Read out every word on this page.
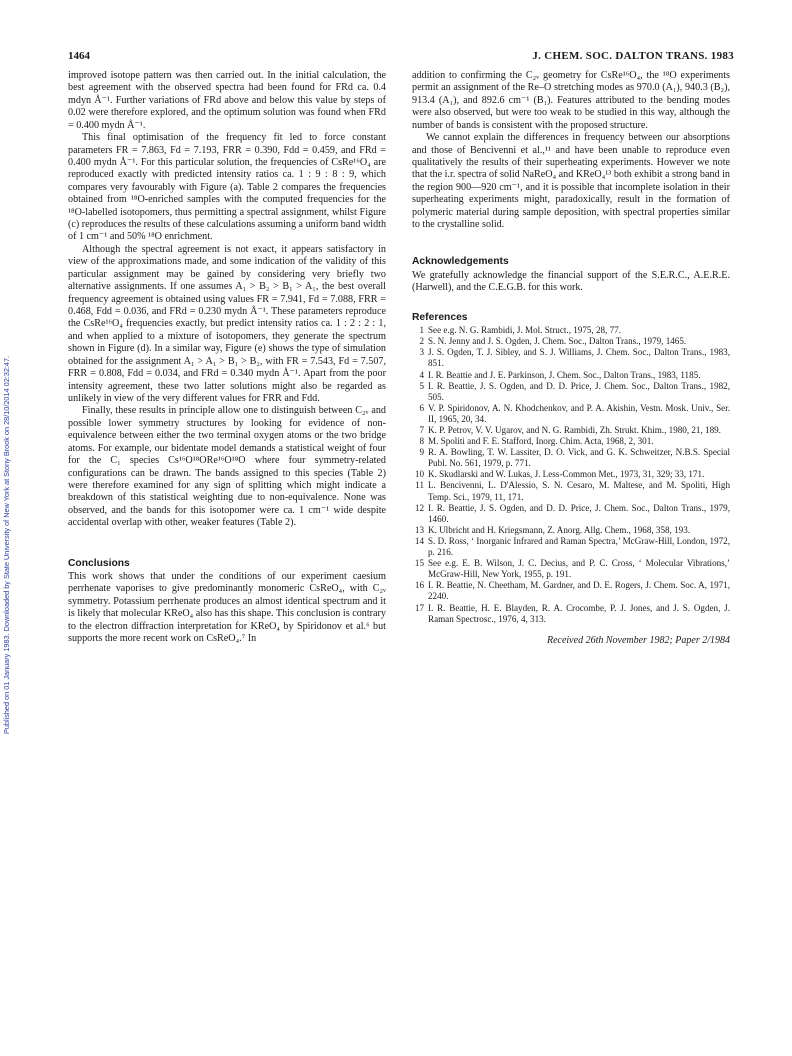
1464	J. CHEM. SOC. DALTON TRANS. 1983
Published on 01 January 1983. Downloaded by State University of New York at Stony Brook on 28/10/2014 02:32:47.

improved isotope pattern was then carried out. In the initial calculation, the best agreement with the observed spectra had been found for FRd ca. 0.4 mdyn Å⁻¹. Further variations of FRd above and below this value by steps of 0.02 were therefore explored, and the optimum solution was found when FRd = 0.400 mydn Å⁻¹.

This final optimisation of the frequency fit led to force constant parameters FR = 7.863, Fd = 7.193, FRR = 0.390, Fdd = 0.459, and FRd = 0.400 mydn Å⁻¹. For this particular solution, the frequencies of CsRe¹⁶O₄ are reproduced exactly with predicted intensity ratios ca. 1 : 9 : 8 : 9, which compares very favourably with Figure (a). Table 2 compares the frequencies obtained from ¹⁸O-enriched samples with the computed frequencies for the ¹⁸O-labelled isotopomers, thus permitting a spectral assignment, whilst Figure (c) reproduces the results of these calculations assuming a uniform band width of 1 cm⁻¹ and 50% ¹⁸O enrichment.

Although the spectral agreement is not exact, it appears satisfactory in view of the approximations made, and some indication of the validity of this particular assignment may be gained by considering very briefly two alternative assignments. If one assumes A₁ > B₂ > B₁ > A₁, the best overall frequency agreement is obtained using values FR = 7.941, Fd = 7.088, FRR = 0.468, Fdd = 0.036, and FRd = 0.230 mydn Å⁻¹. These parameters reproduce the CsRe¹⁶O₄ frequencies exactly, but predict intensity ratios ca. 1 : 2 : 2 : 1, and when applied to a mixture of isotopomers, they generate the spectrum shown in Figure (d). In a similar way, Figure (e) shows the type of simulation obtained for the assignment A₁ > A₁ > B₁ > B₂, with FR = 7.543, Fd = 7.507, FRR = 0.808, Fdd = 0.034, and FRd = 0.340 mydn Å⁻¹. Apart from the poor intensity agreement, these two latter solutions might also be regarded as unlikely in view of the very different values for FRR and Fdd.

Finally, these results in principle allow one to distinguish between C₂ᵥ and possible lower symmetry structures by looking for evidence of non-equivalence between either the two terminal oxygen atoms or the two bridge atoms. For example, our bidentate model demands a statistical weight of four for the C₁ species Cs¹⁶O¹⁸ORe¹⁶O¹⁸O where four symmetry-related configurations can be drawn. The bands assigned to this species (Table 2) were therefore examined for any sign of splitting which might indicate a breakdown of this statistical weighting due to non-equivalence. None was observed, and the bands for this isotopomer were ca. 1 cm⁻¹ wide despite accidental overlap with other, weaker features (Table 2).

Conclusions

This work shows that under the conditions of our experiment caesium perrhenate vaporises to give predominantly monomeric CsReO₄, with C₂ᵥ symmetry. Potassium perrhenate produces an almost identical spectrum and it is likely that molecular KReO₄ also has this shape. This conclusion is contrary to the electron diffraction interpretation for KReO₄ by Spiridonov et al.⁶ but supports the more recent work on CsReO₄.⁷ In

addition to confirming the C₂ᵥ geometry for CsRe¹⁶O₄, the ¹⁸O experiments permit an assignment of the Re–O stretching modes as 970.0 (A₁), 940.3 (B₂), 913.4 (A₁), and 892.6 cm⁻¹ (B₁). Features attributed to the bending modes were also observed, but were too weak to be studied in this way, although the number of bands is consistent with the proposed structure.

We cannot explain the differences in frequency between our absorptions and those of Bencivenni et al.,¹¹ and have been unable to reproduce even qualitatively the results of their superheating experiments. However we note that the i.r. spectra of solid NaReO₄ and KReO₄¹³ both exhibit a strong band in the region 900—920 cm⁻¹, and it is possible that incomplete isolation in their superheating experiments might, paradoxically, result in the formation of polymeric material during sample deposition, with spectral properties similar to the crystalline solid.

Acknowledgements

We gratefully acknowledge the financial support of the S.E.R.C., A.E.R.E. (Harwell), and the C.E.G.B. for this work.

References
1 See e.g. N. G. Rambidi, J. Mol. Struct., 1975, 28, 77.
2 S. N. Jenny and J. S. Ogden, J. Chem. Soc., Dalton Trans., 1979, 1465.
3 J. S. Ogden, T. J. Sibley, and S. J. Williams, J. Chem. Soc., Dalton Trans., 1983, 851.
4 I. R. Beattie and J. E. Parkinson, J. Chem. Soc., Dalton Trans., 1983, 1185.
5 I. R. Beattie, J. S. Ogden, and D. D. Price, J. Chem. Soc., Dalton Trans., 1982, 505.
6 V. P. Spiridonov, A. N. Khodchenkov, and P. A. Akishin, Vestn. Mosk. Univ., Ser. II, 1965, 20, 34.
7 K. P. Petrov, V. V. Ugarov, and N. G. Rambidi, Zh. Strukt. Khim., 1980, 21, 189.
8 M. Spoliti and F. E. Stafford, Inorg. Chim. Acta, 1968, 2, 301.
9 R. A. Bowling, T. W. Lassiter, D. O. Vick, and G. K. Schweitzer, N.B.S. Special Publ. No. 561, 1979, p. 771.
10 K. Skudlarski and W. Lukas, J. Less-Common Met., 1973, 31, 329; 33, 171.
11 L. Bencivenni, L. D'Alessio, S. N. Cesaro, M. Maltese, and M. Spoliti, High Temp. Sci., 1979, 11, 171.
12 I. R. Beattie, J. S. Ogden, and D. D. Price, J. Chem. Soc., Dalton Trans., 1979, 1460.
13 K. Ulbricht and H. Kriegsmann, Z. Anorg. Allg. Chem., 1968, 358, 193.
14 S. D. Ross, ‘ Inorganic Infrared and Raman Spectra,’ McGraw-Hill, London, 1972, p. 216.
15 See e.g. E. B. Wilson, J. C. Decius, and P. C. Cross, ‘ Molecular Vibrations,’ McGraw-Hill, New York, 1955, p. 191.
16 I. R. Beattie, N. Cheetham, M. Gardner, and D. E. Rogers, J. Chem. Soc. A, 1971, 2240.
17 I. R. Beattie, H. E. Blayden, R. A. Crocombe, P. J. Jones, and J. S. Ogden, J. Raman Spectrosc., 1976, 4, 313.

Received 26th November 1982; Paper 2/1984
